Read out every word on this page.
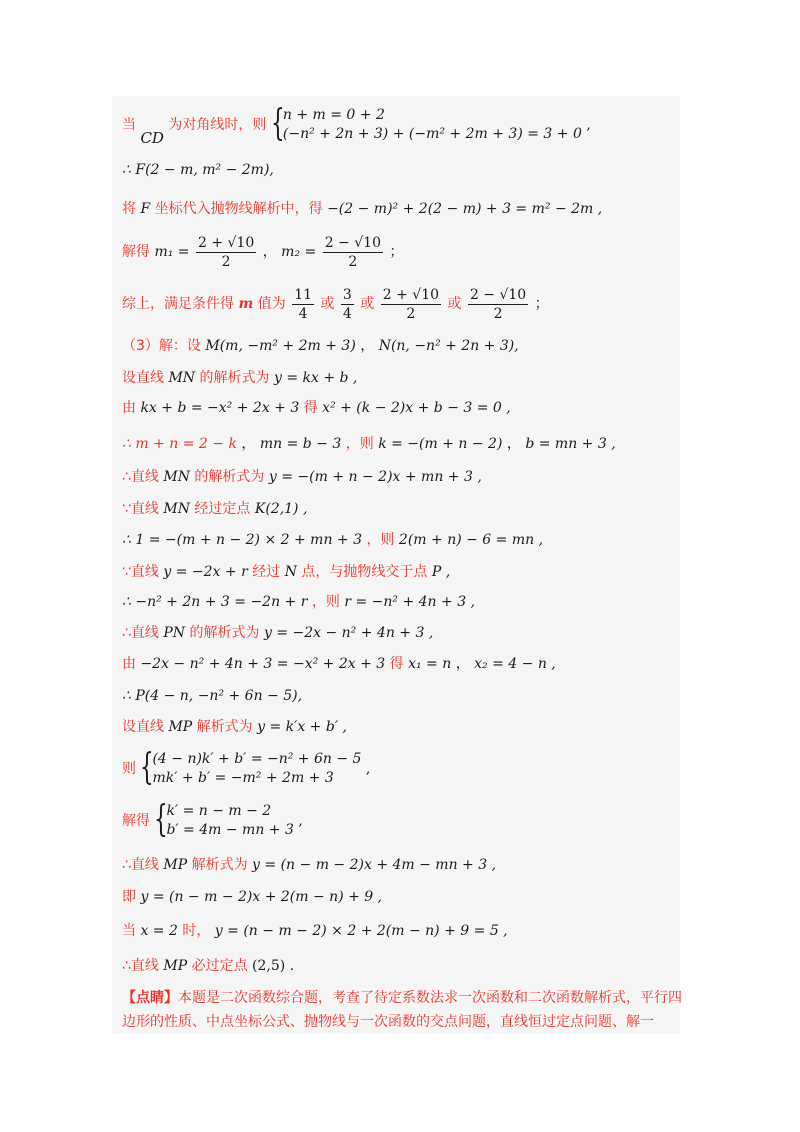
当 CD 为对角线时，则 {
n + m = 0 + 2
(−n² + 2n + 3) + (−m² + 2m + 3) = 3 + 0
,
∴ F(2 − m, m² − 2m),
将 F 坐标代入抛物线解析中，得 −(2 − m)² + 2(2 − m) + 3 = m² − 2m ,
解得 $m_1 = \frac{2 + √10}{2}$ ， $m_2 = \frac{2 - √10}{2}$ ；
综上，满足条件得 m 值为 $\frac{11}{4}$ 或 $\frac{3}{4}$ 或 $\frac{2 + √10}{2}$ 或 $\frac{2 - √10}{2}$ ；
（3）解：设 M(m, −m² + 2m + 3) ， N(n, −n² + 2n + 3),
设直线 MN 的解析式为 y = kx + b ,
由 kx + b = −x² + 2x + 3 得 x² + (k − 2)x + b − 3 = 0 ,
∴ m + n = 2 − k ， mn = b − 3 ，则 k = −(m + n − 2) ， b = mn + 3 ,
∴直线 MN 的解析式为 y = −(m + n − 2)x + mn + 3 ,
∵直线 MN 经过定点 K(2,1) ,
∴ 1 = −(m + n − 2) × 2 + mn + 3 ，则 2(m + n) − 6 = mn ,
∵直线 y = −2x + r 经过 N 点，与抛物线交于点 P ,
∴ −n² + 2n + 3 = −2n + r ，则 r = −n² + 4n + 3 ,
∴直线 PN 的解析式为 y = −2x − n² + 4n + 3 ,
由 −2x − n² + 4n + 3 = −x² + 2x + 3 得 x₁ = n ， x₂ = 4 − n ,
∴ P(4 − n, −n² + 6n − 5),
设直线 MP 解析式为 y = k′x + b′ ,
则 {
(4 − n)k′ + b′ = −n² + 6n − 5
mk′ + b′ = −m² + 2m + 3
,
解得 {
k′ = n − m − 2
b′ = 4m − mn + 3
,
∴直线 MP 解析式为 y = (n − m − 2)x + 4m − mn + 3 ,
即 y = (n − m − 2)x + 2(m − n) + 9 ,
当 x = 2 时， y = (n − m − 2) × 2 + 2(m − n) + 9 = 5 ,
∴直线 MP 必过定点 (2,5) .
【点睛】本题是二次函数综合题，考查了待定系数法求一次函数和二次函数解析式，平行四边形的性质、中点坐标公式、抛物线与一次函数的交点问题，直线恒过定点问题、解一
